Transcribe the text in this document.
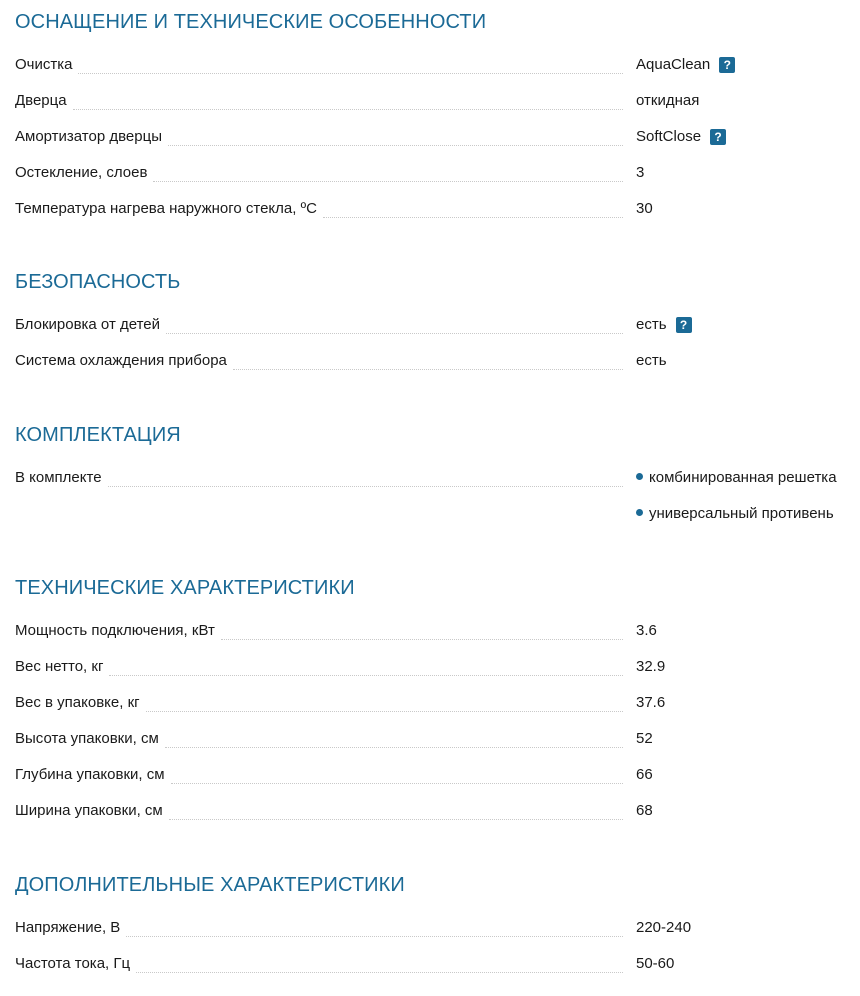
ОСНАЩЕНИЕ И ТЕХНИЧЕСКИЕ ОСОБЕННОСТИ
Очистка	AquaClean	?
Дверца	откидная
Амортизатор дверцы	SoftClose	?
Остекление, слоев	3
Температура нагрева наружного стекла, ºС	30
БЕЗОПАСНОСТЬ
Блокировка от детей	есть	?
Система охлаждения прибора	есть
КОМПЛЕКТАЦИЯ
В комплекте	комбинированная решетка
универсальный противень
ТЕХНИЧЕСКИЕ ХАРАКТЕРИСТИКИ
Мощность подключения, кВт	3.6
Вес нетто, кг	32.9
Вес в упаковке, кг	37.6
Высота упаковки, см	52
Глубина упаковки, см	66
Ширина упаковки, см	68
ДОПОЛНИТЕЛЬНЫЕ ХАРАКТЕРИСТИКИ
Напряжение, В	220-240
Частота тока, Гц	50-60
